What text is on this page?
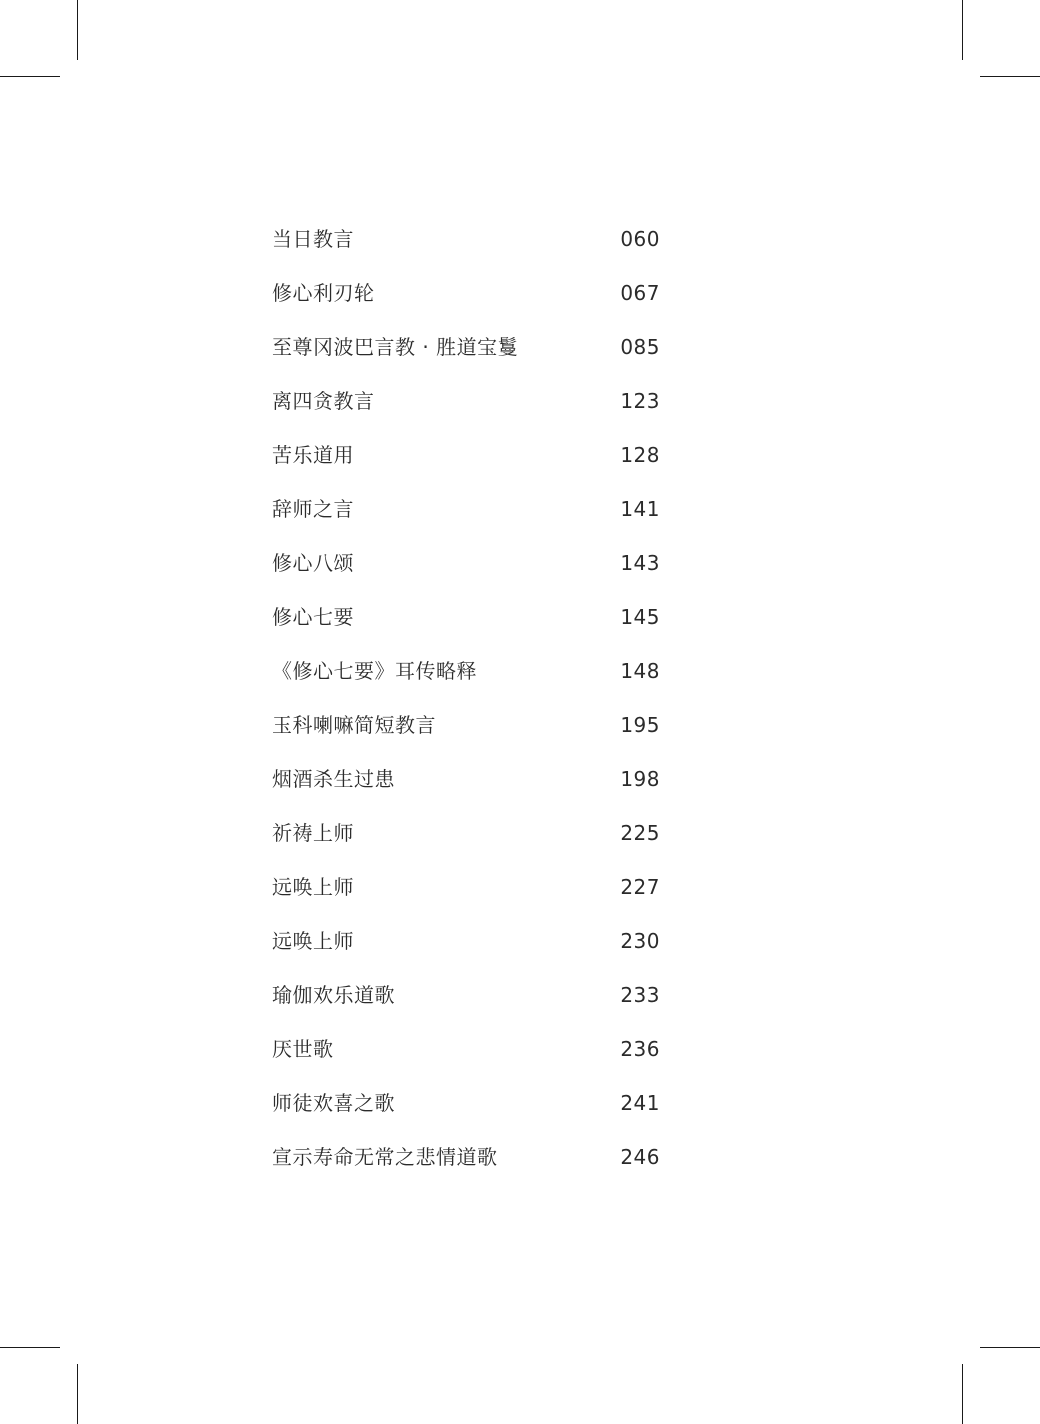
当日教言	060
修心利刃轮	067
至尊冈波巴言教 · 胜道宝鬘	085
离四贪教言	123
苦乐道用	128
辞师之言	141
修心八颂	143
修心七要	145
《修心七要》耳传略释	148
玉科喇嘛简短教言	195
烟酒杀生过患	198
祈祷上师	225
远唤上师	227
远唤上师	230
瑜伽欢乐道歌	233
厌世歌	236
师徒欢喜之歌	241
宣示寿命无常之悲情道歌	246
